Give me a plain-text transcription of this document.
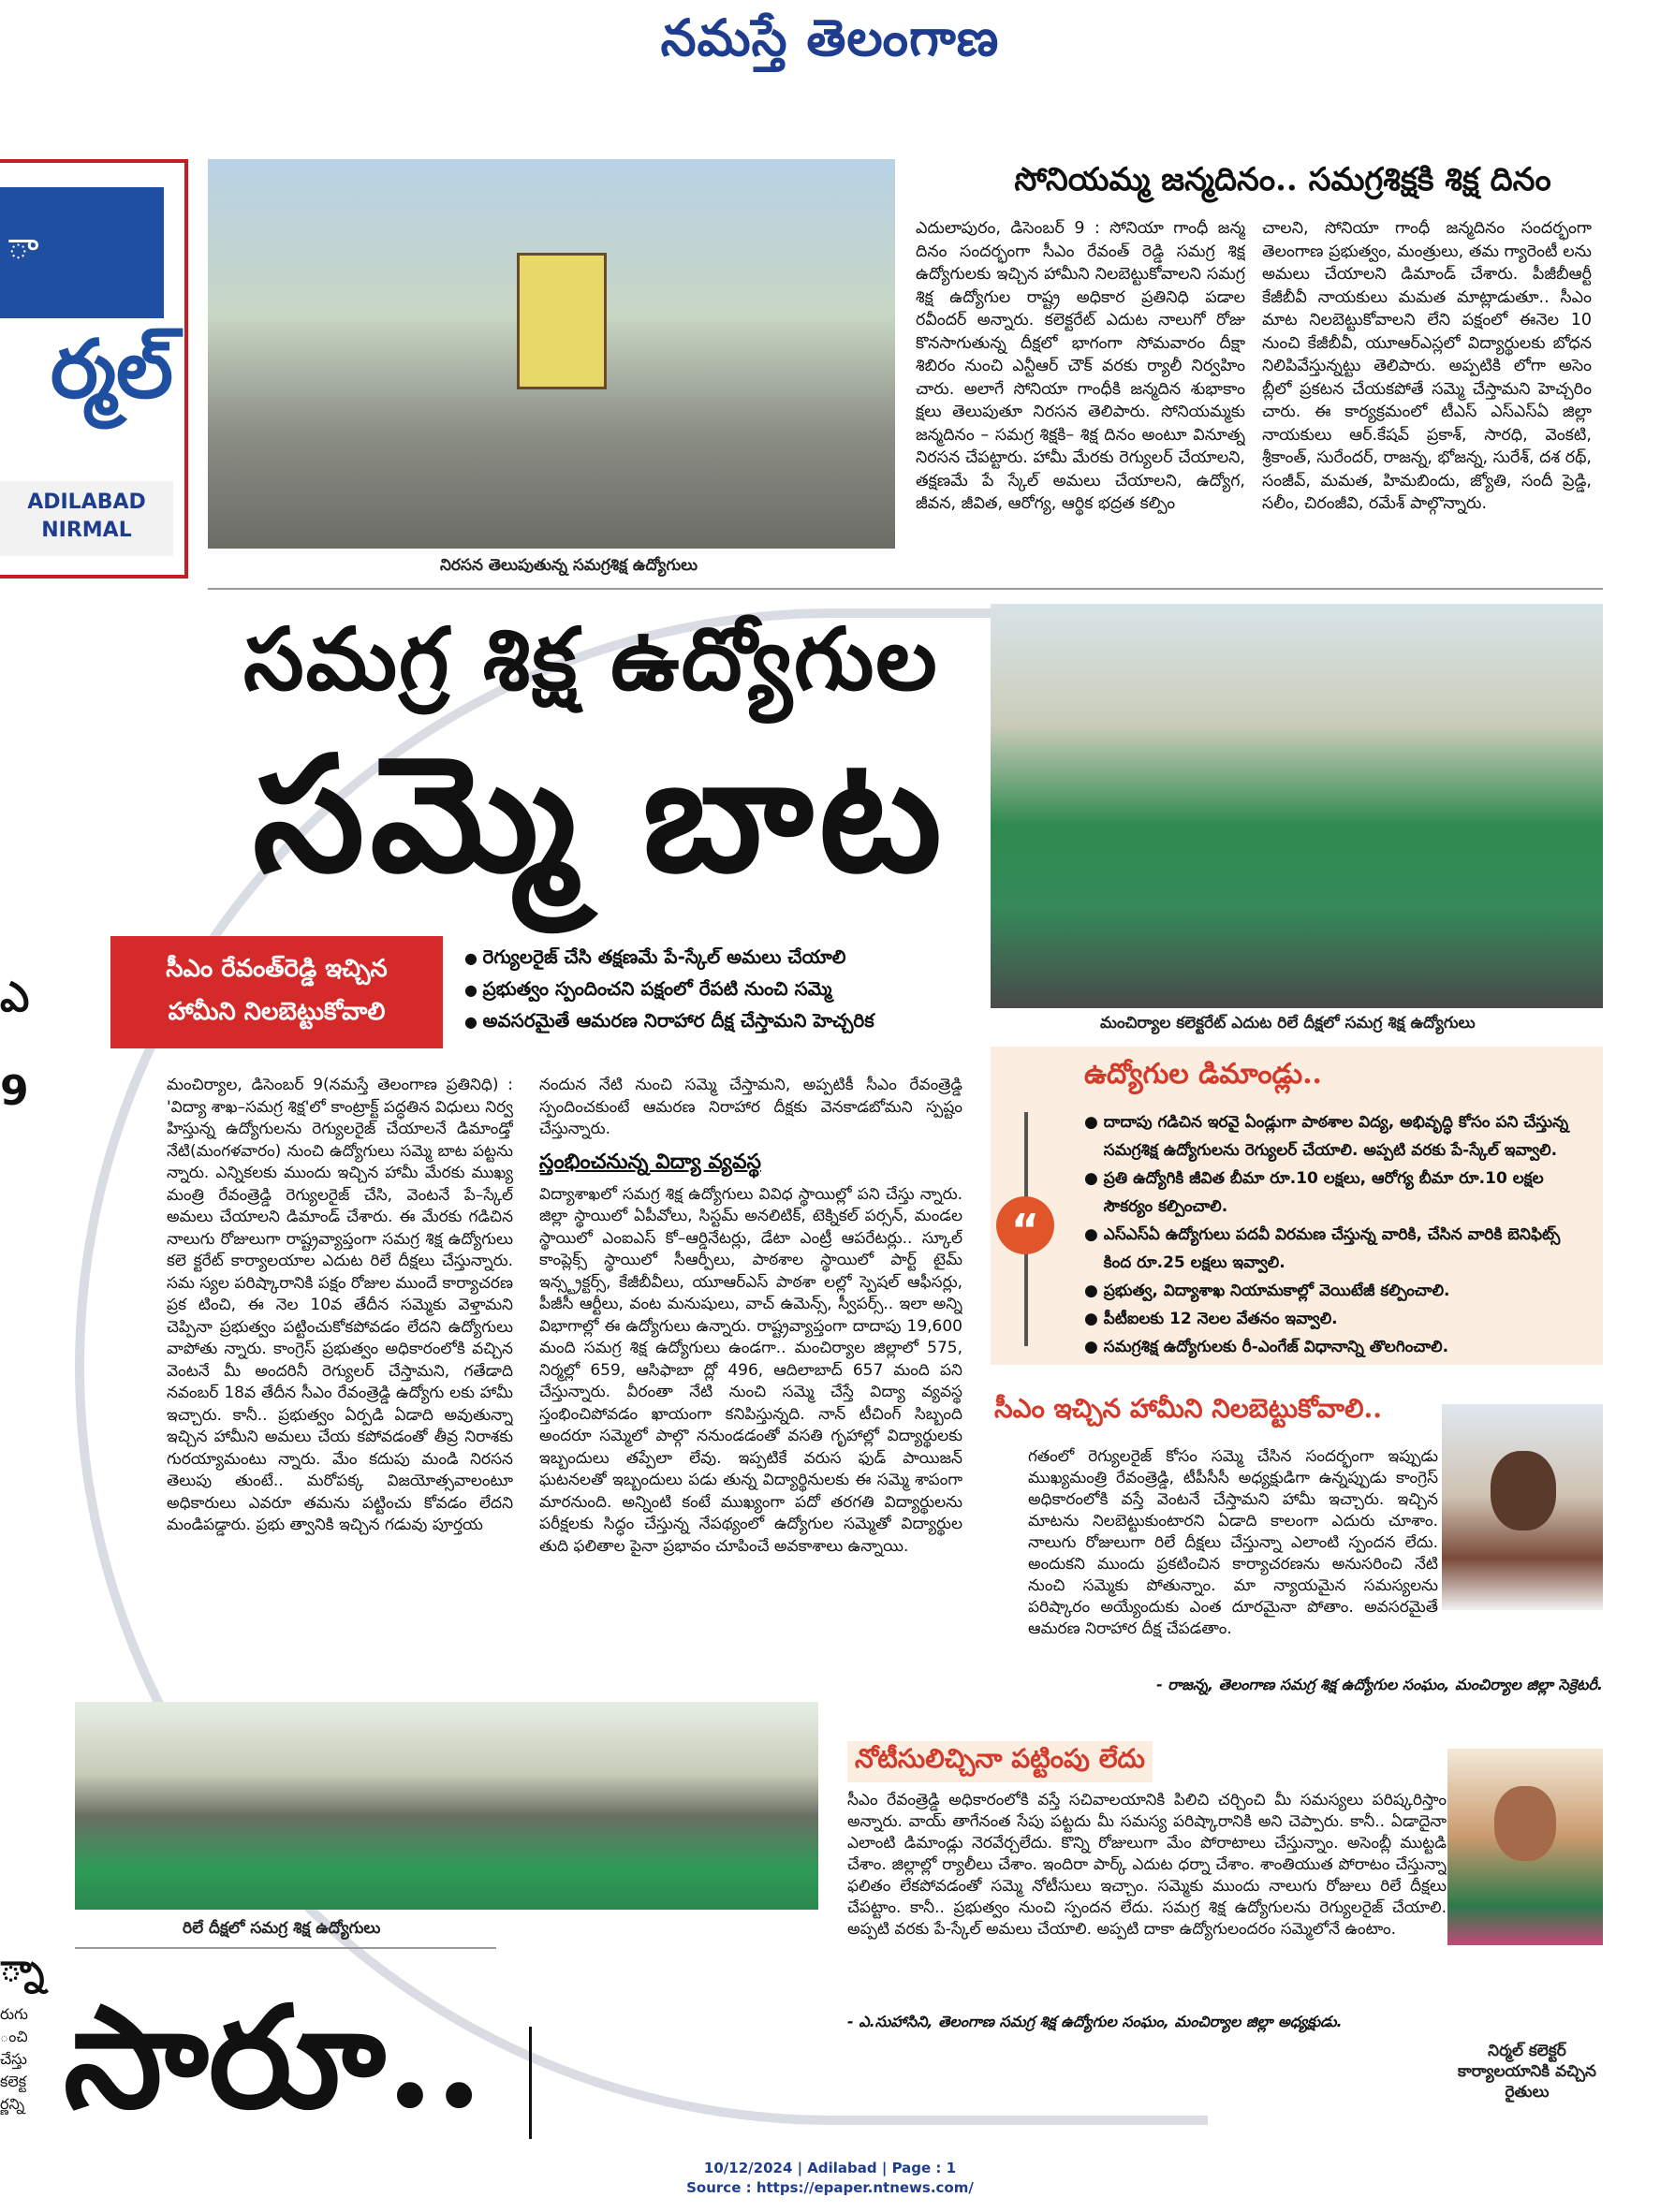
నమస్తే తెలంగాణ
ఎ
9
్నా
రుగు
ంచి
చేస్తు
కలెక్ట
ర్ణన్ని
ా
ర్మల్
ADILABAD
NIRMAL
నిరసన తెలుపుతున్న సమగ్రశిక్ష ఉద్యోగులు
సోనియమ్మ జన్మదినం.. సమగ్రశిక్షకి శిక్ష దినం
ఎదులాపురం, డిసెంబర్ 9 : సోనియా గాంధీ జన్మ దినం సందర్భంగా సీఎం రేవంత్ రెడ్డి సమగ్ర శిక్ష ఉద్యోగులకు ఇచ్చిన హామీని నిలబెట్టుకోవాలని సమగ్ర శిక్ష ఉద్యోగుల రాష్ట్ర అధికార ప్రతినిధి పడాల రవీందర్ అన్నారు. కలెక్టరేట్ ఎదుట నాలుగో రోజు కొనసాగుతున్న దీక్షలో భాగంగా సోమవారం దీక్షా శిబిరం నుంచి ఎన్టీఆర్ చౌక్ వరకు ర్యాలీ నిర్వహిం చారు. అలాగే సోనియా గాంధీకి జన్మదిన శుభాకాం క్షలు తెలుపుతూ నిరసన తెలిపారు. సోనియమ్మకు జన్మదినం – సమగ్ర శిక్షకి– శిక్ష దినం అంటూ వినూత్న నిరసన చేపట్టారు. హామీ మేరకు రెగ్యులర్ చేయాలని, తక్షణమే పే స్కేల్ అమలు చేయాలని, ఉద్యోగ, జీవన, జీవిత, ఆరోగ్య, ఆర్థిక భద్రత కల్పిం
చాలని, సోనియా గాంధీ జన్మదినం సందర్భంగా తెలంగాణ ప్రభుత్వం, మంత్రులు, తమ గ్యారెంటీ లను అమలు చేయాలని డిమాండ్ చేశారు. పీజీబీఆర్టీ కేజీబీవీ నాయకులు మమత మాట్లాడుతూ.. సీఎం మాట నిలబెట్టుకోవాలని లేని పక్షంలో ఈనెల 10 నుంచి కేజీబీవీ, యూఆర్ఎస్లలో విద్యార్థులకు బోధన నిలిపివేస్తున్నట్టు తెలిపారు. అప్పటికి లోగా అసెం బ్లీలో ప్రకటన చేయకపోతే సమ్మె చేస్తామని హెచ్చరిం చారు. ఈ కార్యక్రమంలో టీఎస్ ఎస్ఎస్ఏ జిల్లా నాయకులు ఆర్.కేషవ్ ప్రకాశ్, సారధి, వెంకటి, శ్రీకాంత్, సురేందర్, రాజన్న, భోజన్న, సురేశ్, దశ రథ్, సంజీవ్, మమత, హిమబిందు, జ్యోతి, సందీ ప్రెడ్డి, సలీం, చిరంజీవి, రమేశ్ పాల్గొన్నారు.
సమగ్ర శిక్ష ఉద్యోగుల
సమ్మె బాట
మంచిర్యాల కలెక్టరేట్ ఎదుట రిలే దీక్షలో సమగ్ర శిక్ష ఉద్యోగులు
సీఎం రేవంత్‌రెడ్డి ఇచ్చిన
హామీని నిలబెట్టుకోవాలి
● రెగ్యులరైజ్ చేసి తక్షణమే పే-స్కేల్ అమలు చేయాలి
● ప్రభుత్వం స్పందించని పక్షంలో రేపటి నుంచి సమ్మె
● అవసరమైతే ఆమరణ నిరాహార దీక్ష చేస్తామని హెచ్చరిక
మంచిర్యాల, డిసెంబర్ 9(నమస్తే తెలంగాణ ప్రతినిధి) : 'విద్యా శాఖ–సమగ్ర శిక్ష'లో కాంట్రాక్ట్ పద్ధతిన విధులు నిర్వ హిస్తున్న ఉద్యోగులను రెగ్యులరైజ్ చేయాలనే డిమాండ్తో నేటి(మంగళవారం) నుంచి ఉద్యోగులు సమ్మె బాట పట్టను న్నారు. ఎన్నికలకు ముందు ఇచ్చిన హామీ మేరకు ముఖ్య మంత్రి రేవంత్రెడ్డి రెగ్యులరైజ్ చేసి, వెంటనే పే–స్కేల్ అమలు చేయాలని డిమాండ్ చేశారు. ఈ మేరకు గడిచిన నాలుగు రోజులుగా రాష్ట్రవ్యాప్తంగా సమగ్ర శిక్ష ఉద్యోగులు కలె క్టరేట్ కార్యాలయాల ఎదుట రిలే దీక్షలు చేస్తున్నారు. సమ స్యల పరిష్కారానికి పక్షం రోజుల ముందే కార్యాచరణ ప్రక టించి, ఈ నెల 10వ తేదీన సమ్మెకు వెళ్తామని చెప్పినా ప్రభుత్వం పట్టించుకోకపోవడం లేదని ఉద్యోగులు వాపోతు న్నారు. కాంగ్రెస్ ప్రభుత్వం అధికారంలోకి వచ్చిన వెంటనే మీ అందరినీ రెగ్యులర్ చేస్తామని, గతేడాది నవంబర్ 18వ తేదీన సీఎం రేవంత్రెడ్డి ఉద్యోగు లకు హామీ ఇచ్చారు. కానీ.. ప్రభుత్వం ఏర్పడి ఏడాది అవుతున్నా ఇచ్చిన హామీని అమలు చేయ కపోవడంతో తీవ్ర నిరాశకు గురయ్యామంటు న్నారు. మేం కదుపు మండి నిరసన తెలుపు తుంటే.. మరోపక్క విజయోత్సవాలంటూ అధికారులు ఎవరూ తమను పట్టించు కోవడం లేదని మండిపడ్డారు. ప్రభు త్వానికి ఇచ్చిన గడువు పూర్తయ
నందున నేటి నుంచి సమ్మె చేస్తామని, అప్పటికీ సీఎం రేవంత్రెడ్డి స్పందించకుంటే ఆమరణ నిరాహార దీక్షకు వెనకాడబోమని స్పష్టం చేస్తున్నారు.
స్తంభించనున్న విద్యా వ్యవస్థ
విద్యాశాఖలో సమగ్ర శిక్ష ఉద్యోగులు వివిధ స్థాయిల్లో పని చేస్తు న్నారు. జిల్లా స్థాయిలో ఏపీవోలు, సిస్టమ్ అనలిటిక్, టెక్నికల్ పర్సన్, మండల స్థాయిలో ఎంఐఎస్ కో–ఆర్డినేటర్లు, డేటా ఎంట్రీ ఆపరేటర్లు.. స్కూల్ కాంప్లెక్స్ స్థాయిలో సీఆర్పీలు, పాఠశాల స్థాయిలో పార్ట్ టైమ్ ఇన్స్ట్రక్టర్స్, కేజీబీవీలు, యూఆర్ఎస్ పాఠశా లల్లో స్పెషల్ ఆఫీసర్లు, పీజీసీ ఆర్టీలు, వంట మనుషులు, వాచ్ ఉమెన్స్, స్వీపర్స్.. ఇలా అన్ని విభాగాల్లో ఈ ఉద్యోగులు ఉన్నారు. రాష్ట్రవ్యాప్తంగా దాదాపు 19,600 మంది సమగ్ర శిక్ష ఉద్యోగులు ఉండగా.. మంచిర్యాల జిల్లాలో 575, నిర్మల్లో 659, ఆసిఫాబా ద్లో 496, ఆదిలాబాద్ 657 మంది పని చేస్తున్నారు. వీరంతా నేటి నుంచి సమ్మె చేస్తే విద్యా వ్యవస్థ స్తంభించిపోవడం ఖాయంగా కనిపిస్తున్నది. నాన్ టీచింగ్ సిబ్బంది అందరూ సమ్మెలో పాల్గొ ననుండడంతో వసతి గృహాల్లో విద్యార్థులకు ఇబ్బందులు తప్పేలా లేవు. ఇప్పటికే వరుస ఫుడ్ పాయిజన్ ఘటనలతో ఇబ్బందులు పడు తున్న విద్యార్థినులకు ఈ సమ్మె శాపంగా మారనుంది. అన్నింటి కంటే ముఖ్యంగా పదో తరగతి విద్యార్థులను పరీక్షలకు సిద్ధం చేస్తున్న నేపథ్యంలో ఉద్యోగుల సమ్మెతో విద్యార్థుల తుది ఫలితాల పైనా ప్రభావం చూపించే అవకాశాలు ఉన్నాయి.
ఉద్యోగుల డిమాండ్లు..
“
● దాదాపు గడిచిన ఇరవై ఏండ్లుగా పాఠశాల విద్య, అభివృద్ధి కోసం పని చేస్తున్న సమగ్రశిక్ష ఉద్యోగులను రెగ్యులర్ చేయాలి. అప్పటి వరకు పే-స్కేల్ ఇవ్వాలి.
● ప్రతి ఉద్యోగికి జీవిత బీమా రూ.10 లక్షలు, ఆరోగ్య బీమా రూ.10 లక్షల సౌకర్యం కల్పించాలి.
● ఎస్ఎస్ఏ ఉద్యోగులు పదవీ విరమణ చేస్తున్న వారికి, చేసిన వారికి బెనిఫిట్స్ కింద రూ.25 లక్షలు ఇవ్వాలి.
● ప్రభుత్వ, విద్యాశాఖ నియామకాల్లో వెయిటేజీ కల్పించాలి.
● పీటీఐలకు 12 నెలల వేతనం ఇవ్వాలి.
● సమగ్రశిక్ష ఉద్యోగులకు రీ-ఎంగేజ్ విధానాన్ని తొలగించాలి.
సీఎం ఇచ్చిన హామీని నిలబెట్టుకోవాలి..
గతంలో రెగ్యులరైజ్ కోసం సమ్మె చేసిన సందర్భంగా ఇప్పుడు ముఖ్యమంత్రి రేవంత్రెడ్డి, టీపీసీసీ అధ్యక్షుడిగా ఉన్నప్పుడు కాంగ్రెస్ అధికారంలోకి వస్తే వెంటనే చేస్తామని హామీ ఇచ్చారు. ఇచ్చిన మాటను నిలబెట్టుకుంటారని ఏడాది కాలంగా ఎదురు చూశాం. నాలుగు రోజులుగా రిలే దీక్షలు చేస్తున్నా ఎలాంటి స్పందన లేదు. అందుకని ముందు ప్రకటించిన కార్యాచరణను అనుసరించి నేటి నుంచి సమ్మెకు పోతున్నాం. మా న్యాయమైన సమస్యలను పరిష్కారం అయ్యేందుకు ఎంత దూరమైనా పోతాం. అవసరమైతే ఆమరణ నిరాహార దీక్ష చేపడతాం.
- రాజన్న, తెలంగాణ సమగ్ర శిక్ష ఉద్యోగుల సంఘం, మంచిర్యాల జిల్లా సెక్రెటరీ.
రిలే దీక్షలో సమగ్ర శిక్ష ఉద్యోగులు
సారూ..
నోటీసులిచ్చినా పట్టింపు లేదు
సీఎం రేవంత్రెడ్డి అధికారంలోకి వస్తే సచివాలయానికి పిలిచి చర్చించి మీ సమస్యలు పరిష్కరిస్తాం అన్నారు. వాయ్ తాగేనంత సేపు పట్టదు మీ సమస్య పరిష్కారానికి అని చెప్పారు. కానీ.. ఏడాదైనా ఎలాంటి డిమాండ్లు నెరవేర్చలేదు. కొన్ని రోజులుగా మేం పోరాటాలు చేస్తున్నాం. అసెంబ్లీ ముట్టడి చేశాం. జిల్లాల్లో ర్యాలీలు చేశాం. ఇందిరా పార్క్ ఎదుట ధర్నా చేశాం. శాంతియుత పోరాటం చేస్తున్నా ఫలితం లేకపోవడంతో సమ్మె నోటీసులు ఇచ్చాం. సమ్మెకు ముందు నాలుగు రోజులు రిలే దీక్షలు చేపట్టాం. కానీ.. ప్రభుత్వం నుంచి స్పందన లేదు. సమగ్ర శిక్ష ఉద్యోగులను రెగ్యులరైజ్ చేయాలి. అప్పటి వరకు పే-స్కేల్ అమలు చేయాలి. అప్పటి దాకా ఉద్యోగులందరం సమ్మెలోనే ఉంటాం.
- ఎ.సుహాసిని, తెలంగాణ సమగ్ర శిక్ష ఉద్యోగుల సంఘం, మంచిర్యాల జిల్లా అధ్యక్షుడు.
నిర్మల్ కలెక్టర్
కార్యాలయానికి వచ్చిన
రైతులు
10/12/2024 | Adilabad | Page : 1
Source : https://epaper.ntnews.com/
